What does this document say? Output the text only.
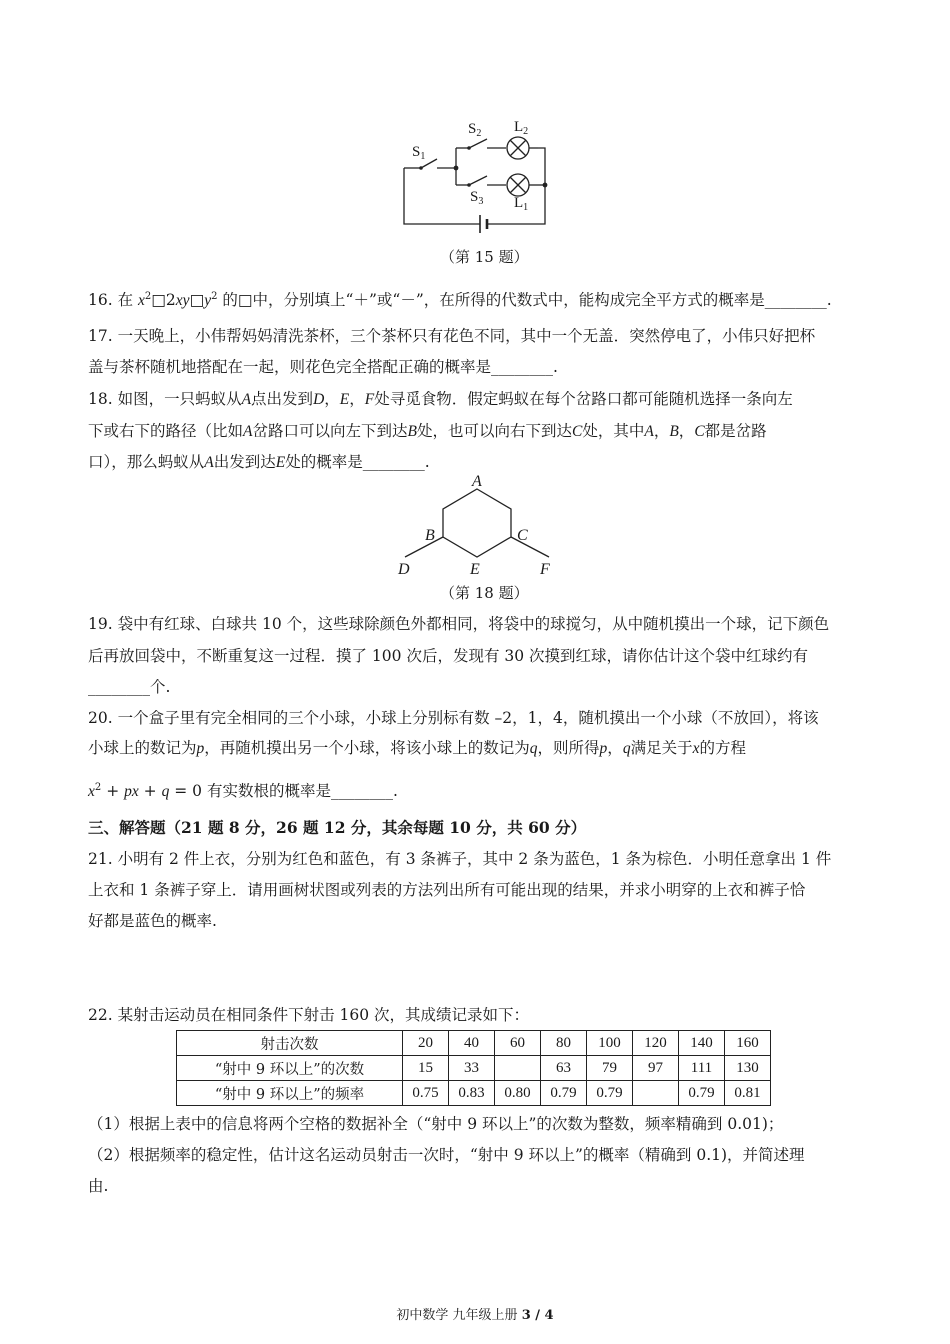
$S_1$
$S_2$ $L_2$
$S_3$ $L_1$
（第 15 题）
16. 在 $x^2□2xy□y^2$ 的□中，分别填上“＋”或“－”，在所得的代数式中，能构成完全平方式的概率是________.
17. 一天晚上，小伟帮妈妈清洗茶杯，三个茶杯只有花色不同，其中一个无盖．突然停电了，小伟只好把杯
盖与茶杯随机地搭配在一起，则花色完全搭配正确的概率是________.
18. 如图，一只蚂蚁从A点出发到D，E，F处寻觅食物．假定蚂蚁在每个岔路口都可能随机选择一条向左
下或右下的路径（比如A岔路口可以向左下到达B处，也可以向右下到达C处，其中A，B，C都是岔路
口），那么蚂蚁从A出发到达E处的概率是________.
A
B	C
D	E	F
（第 18 题）
19. 袋中有红球、白球共 10 个，这些球除颜色外都相同，将袋中的球搅匀，从中随机摸出一个球，记下颜色
后再放回袋中，不断重复这一过程．摸了 100 次后，发现有 30 次摸到红球，请你估计这个袋中红球约有
________个.
20. 一个盒子里有完全相同的三个小球，小球上分别标有数 –2，1，4，随机摸出一个小球（不放回），将该
小球上的数记为p，再随机摸出另一个小球，将该小球上的数记为q，则所得p，q满足关于x的方程
$x^2$ + px + q = 0 有实数根的概率是________.
三、解答题（21 题 8 分，26 题 12 分，其余每题 10 分，共 60 分）
21. 小明有 2 件上衣，分别为红色和蓝色，有 3 条裤子，其中 2 条为蓝色，1 条为棕色．小明任意拿出 1 件
上衣和 1 条裤子穿上．请用画树状图或列表的方法列出所有可能出现的结果，并求小明穿的上衣和裤子恰
好都是蓝色的概率.
22. 某射击运动员在相同条件下射击 160 次，其成绩记录如下：
射击次数	20	40	60	80	100	120	140	160
“射中 9 环以上”的次数	15	33		63	79	97	111	130
“射中 9 环以上”的频率	0.75	0.83	0.80	0.79	0.79		0.79	0.81
（1）根据上表中的信息将两个空格的数据补全（“射中 9 环以上”的次数为整数，频率精确到 0.01)；
（2）根据频率的稳定性，估计这名运动员射击一次时，“射中 9 环以上”的概率（精确到 0.1)，并简述理
由.
初中数学 九年级上册 3 / 4
